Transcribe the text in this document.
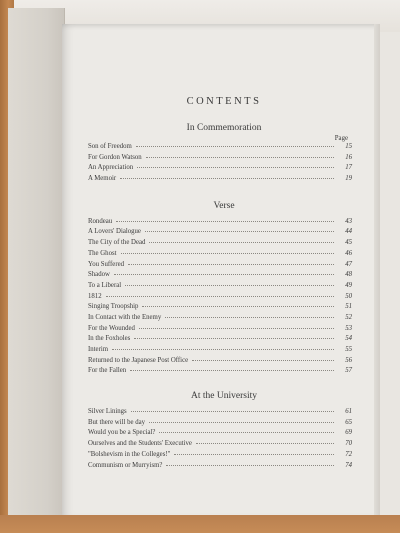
CONTENTS
In Commemoration
Page
Son of Freedom	15
For Gordon Watson	16
An Appreciation	17
A Memoir	19
Verse
Rondeau	43
A Lovers' Dialogue	44
The City of the Dead	45
The Ghost	46
You Suffered	47
Shadow	48
To a Liberal	49
1812	50
Singing Troopship	51
In Contact with the Enemy	52
For the Wounded	53
In the Foxholes	54
Interim	55
Returned to the Japanese Post Office	56
For the Fallen	57
At the University
Silver Linings	61
But there will be day	65
Would you be a Special?	69
Ourselves and the Students' Executive	70
"Bolshevism in the Colleges!"	72
Communism or Murryism?	74
